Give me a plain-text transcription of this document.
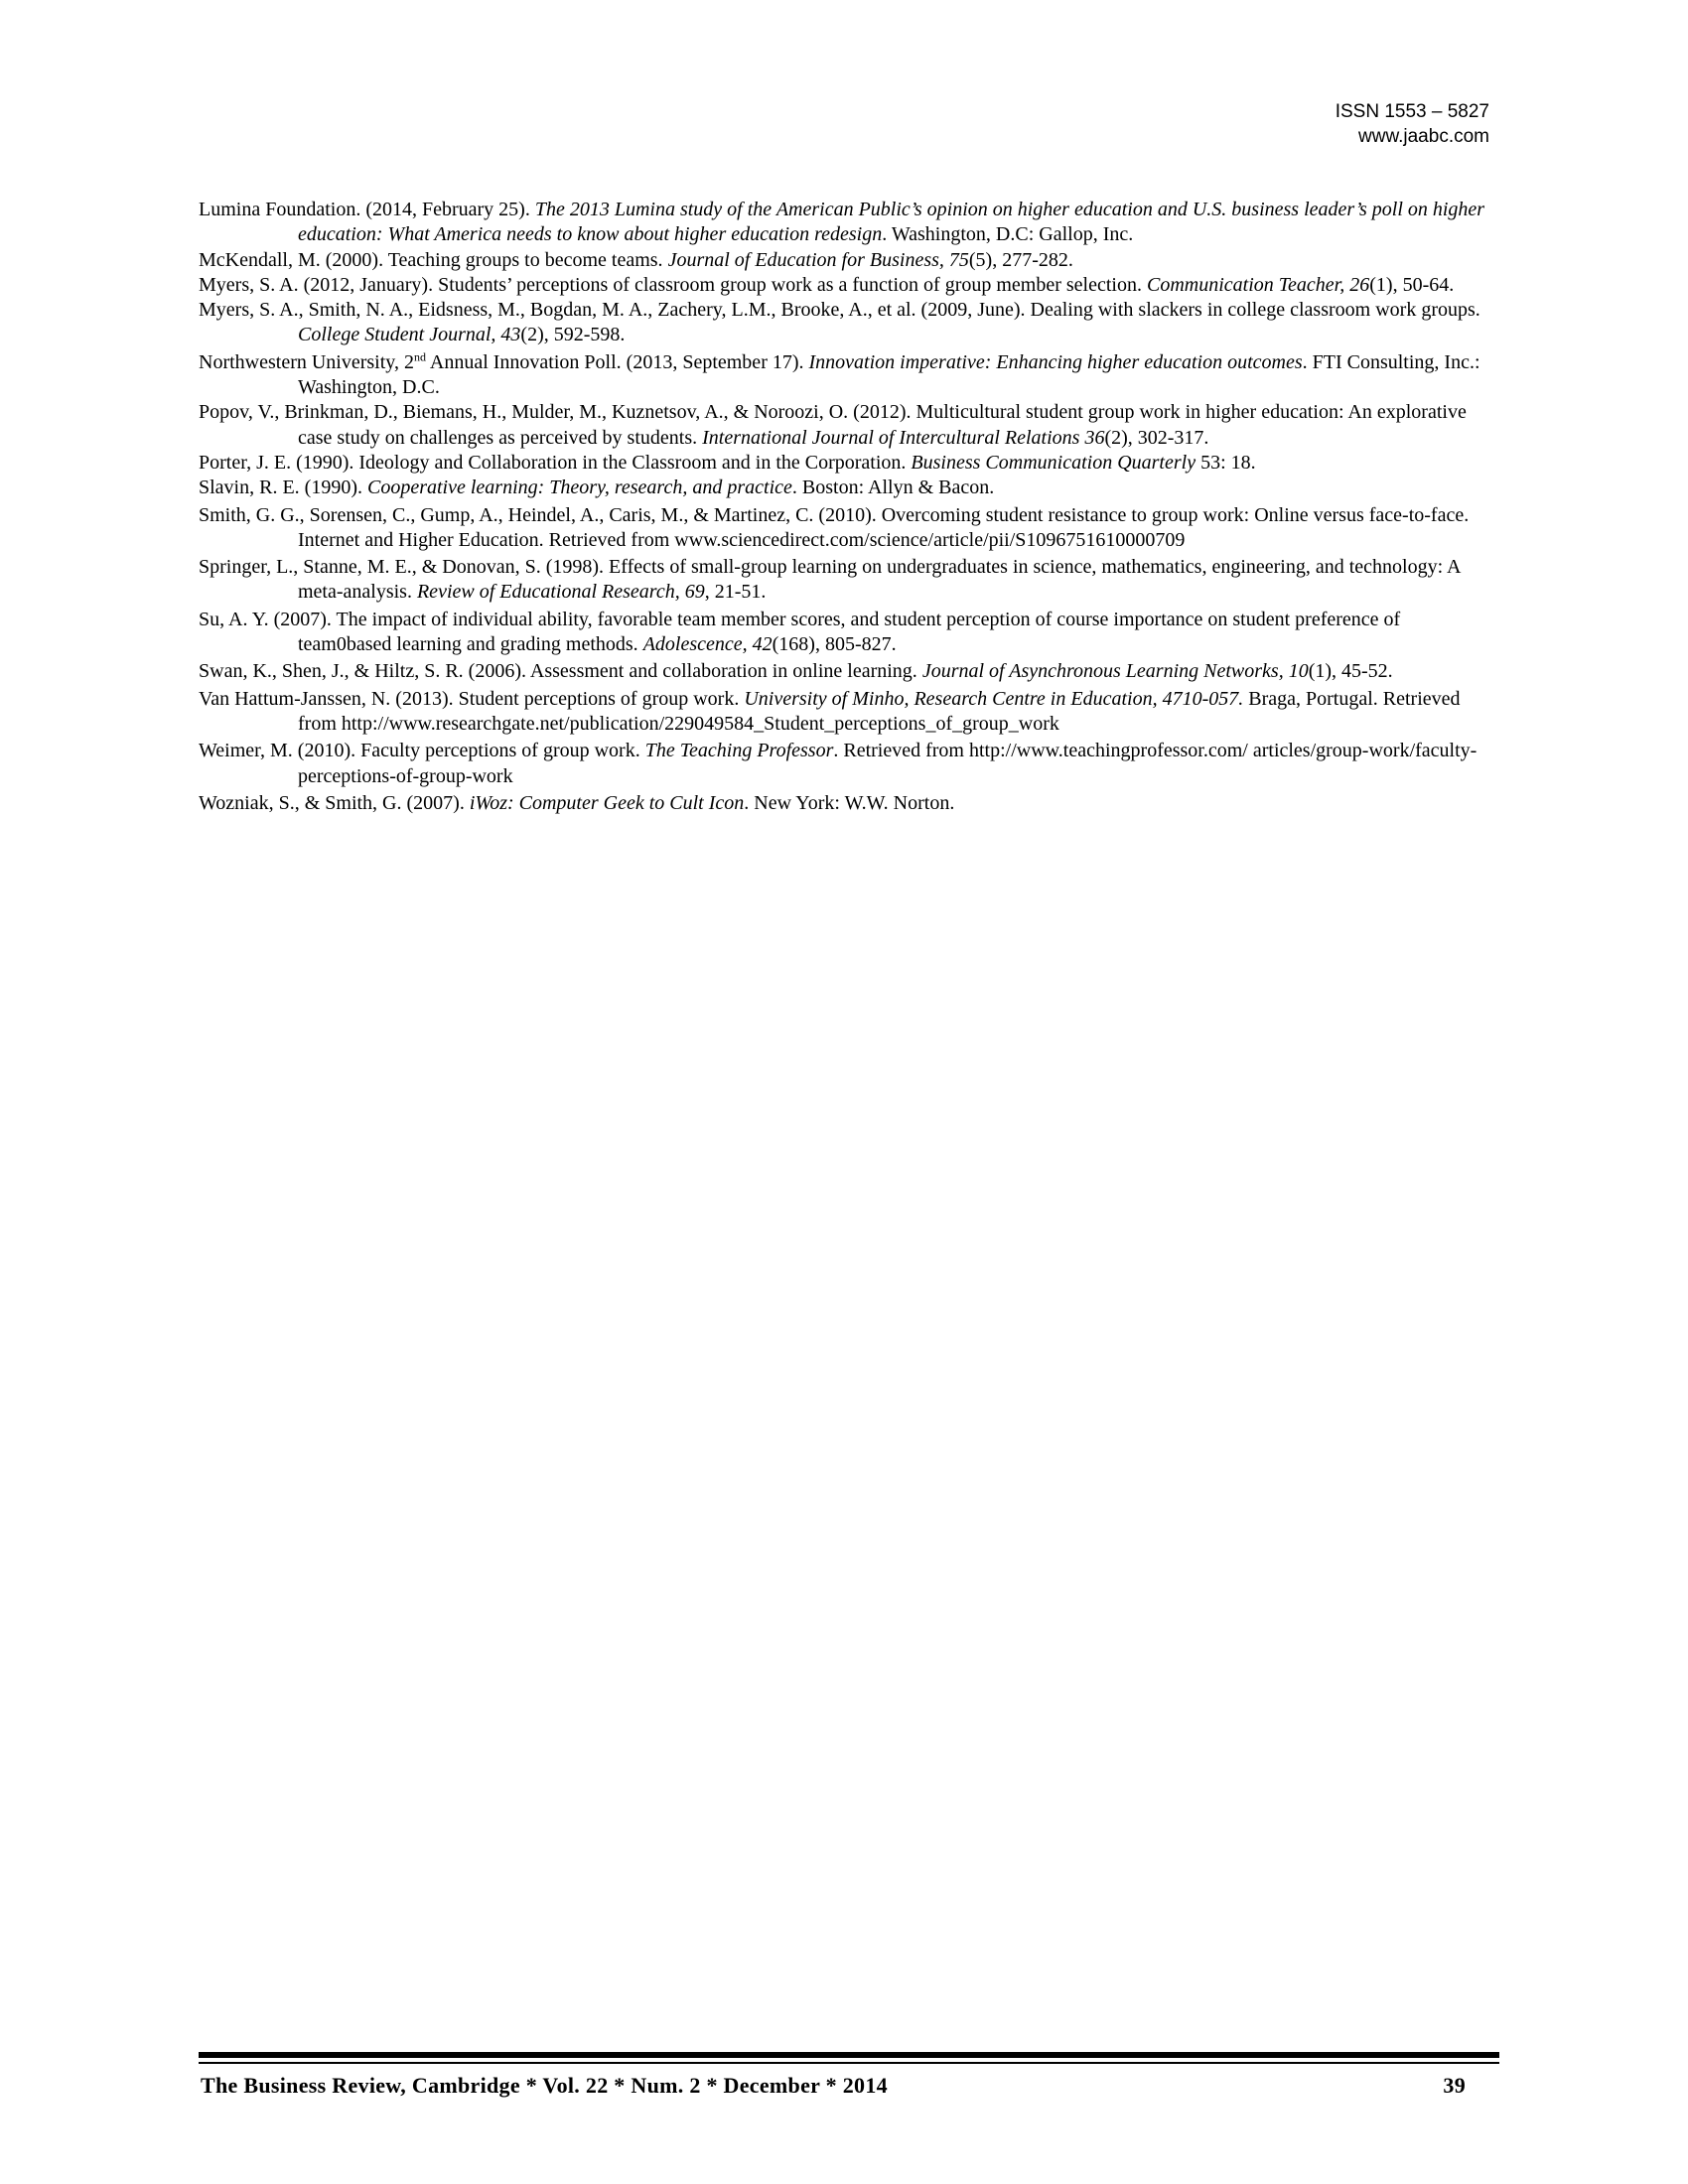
ISSN 1553 – 5827
www.jaabc.com

Lumina Foundation. (2014, February 25). The 2013 Lumina study of the American Public’s opinion on higher education and U.S. business leader’s poll on higher education: What America needs to know about higher education redesign. Washington, D.C: Gallop, Inc.

McKendall, M. (2000). Teaching groups to become teams. Journal of Education for Business, 75(5), 277-282.

Myers, S. A. (2012, January). Students’ perceptions of classroom group work as a function of group member selection. Communication Teacher, 26(1), 50-64.

Myers, S. A., Smith, N. A., Eidsness, M., Bogdan, M. A., Zachery, L.M., Brooke, A., et al. (2009, June). Dealing with slackers in college classroom work groups. College Student Journal, 43(2), 592-598.

Northwestern University, 2nd Annual Innovation Poll. (2013, September 17). Innovation imperative: Enhancing higher education outcomes. FTI Consulting, Inc.: Washington, D.C.

Popov, V., Brinkman, D., Biemans, H., Mulder, M., Kuznetsov, A., & Noroozi, O. (2012). Multicultural student group work in higher education: An explorative case study on challenges as perceived by students. International Journal of Intercultural Relations 36(2), 302-317.

Porter, J. E. (1990). Ideology and Collaboration in the Classroom and in the Corporation. Business Communication Quarterly 53: 18.

Slavin, R. E. (1990). Cooperative learning: Theory, research, and practice. Boston: Allyn & Bacon.

Smith, G. G., Sorensen, C., Gump, A., Heindel, A., Caris, M., & Martinez, C. (2010). Overcoming student resistance to group work: Online versus face-to-face. Internet and Higher Education. Retrieved from www.sciencedirect.com/science/article/pii/S1096751610000709

Springer, L., Stanne, M. E., & Donovan, S. (1998). Effects of small-group learning on undergraduates in science, mathematics, engineering, and technology: A meta-analysis. Review of Educational Research, 69, 21-51.

Su, A. Y. (2007). The impact of individual ability, favorable team member scores, and student perception of course importance on student preference of team0based learning and grading methods. Adolescence, 42(168), 805-827.

Swan, K., Shen, J., & Hiltz, S. R. (2006). Assessment and collaboration in online learning. Journal of Asynchronous Learning Networks, 10(1), 45-52.

Van Hattum-Janssen, N. (2013). Student perceptions of group work. University of Minho, Research Centre in Education, 4710-057. Braga, Portugal. Retrieved from http://www.researchgate.net/publication/229049584_Student_perceptions_of_group_work

Weimer, M. (2010). Faculty perceptions of group work. The Teaching Professor. Retrieved from http://www.teachingprofessor.com/ articles/group-work/faculty-perceptions-of-group-work

Wozniak, S., & Smith, G. (2007). iWoz: Computer Geek to Cult Icon. New York: W.W. Norton.

The Business Review, Cambridge * Vol. 22 * Num. 2 * December * 2014	39
